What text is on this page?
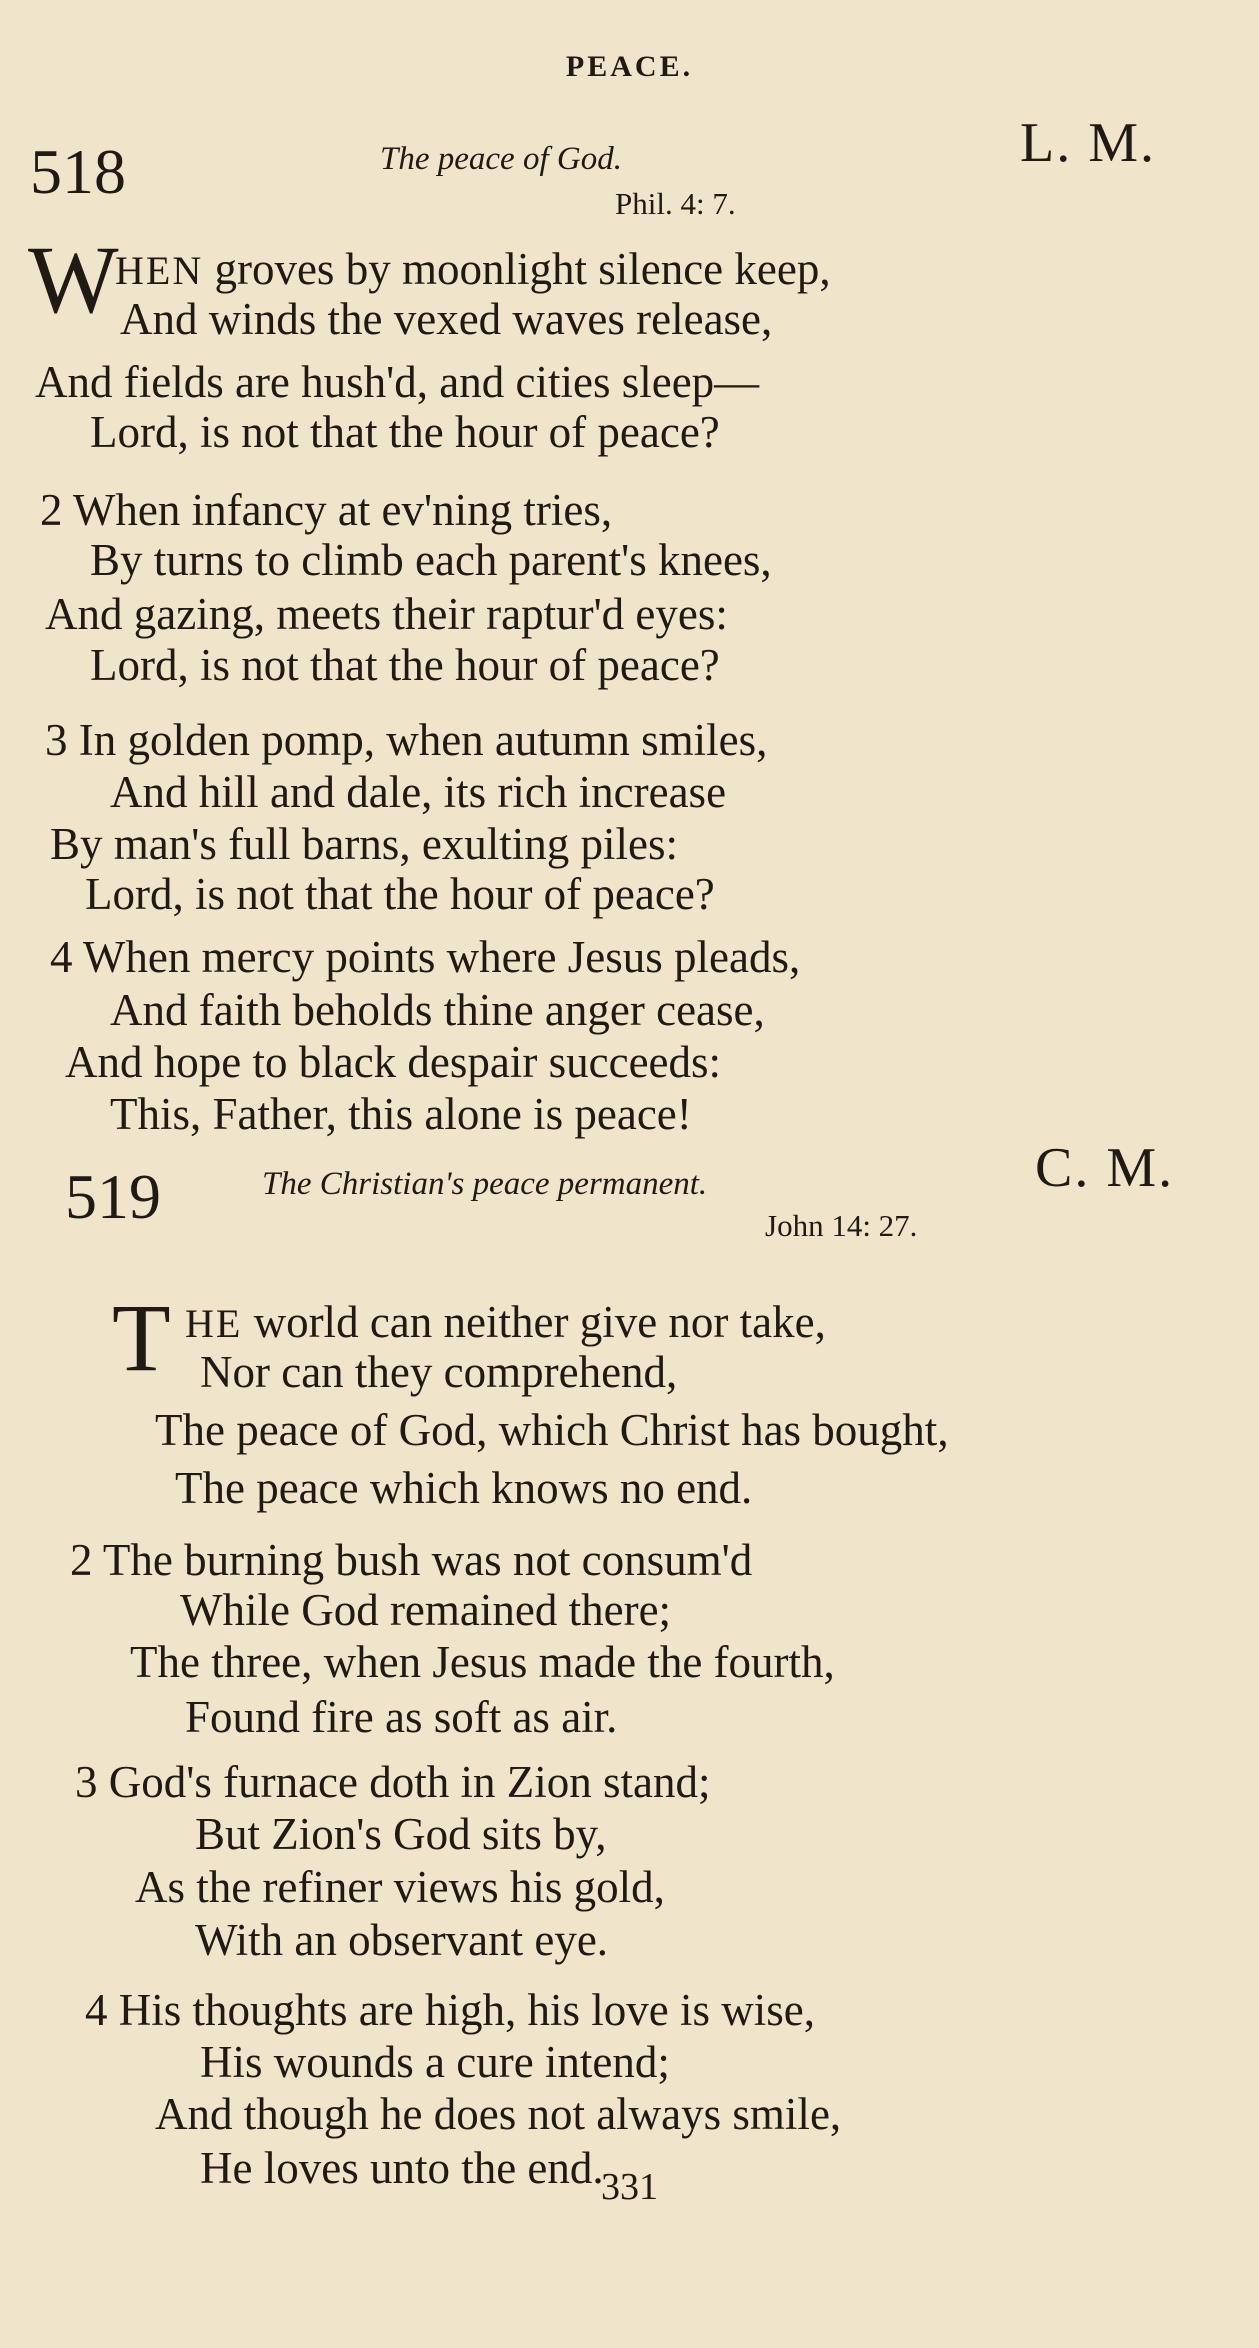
PEACE.
518	The peace of God.
Phil. 4: 7.
L. M.
W
HEN groves by moonlight silence keep,
And winds the vexed waves release,
And fields are hush'd, and cities sleep—
Lord, is not that the hour of peace?
2 When infancy at ev'ning tries,
By turns to climb each parent's knees,
And gazing, meets their raptur'd eyes:
Lord, is not that the hour of peace?
3 In golden pomp, when autumn smiles,
And hill and dale, its rich increase
By man's full barns, exulting piles:
Lord, is not that the hour of peace?
4 When mercy points where Jesus pleads,
And faith beholds thine anger cease,
And hope to black despair succeeds:
This, Father, this alone is peace!
519	The Christian's peace permanent.
John 14: 27.
C. M.
T HE world can neither give nor take,
Nor can they comprehend,
The peace of God, which Christ has bought,
The peace which knows no end.
2 The burning bush was not consum'd
While God remained there;
The three, when Jesus made the fourth,
Found fire as soft as air.
3 God's furnace doth in Zion stand;
But Zion's God sits by,
As the refiner views his gold,
With an observant eye.
4 His thoughts are high, his love is wise,
His wounds a cure intend;
And though he does not always smile,
He loves unto the end.
331
